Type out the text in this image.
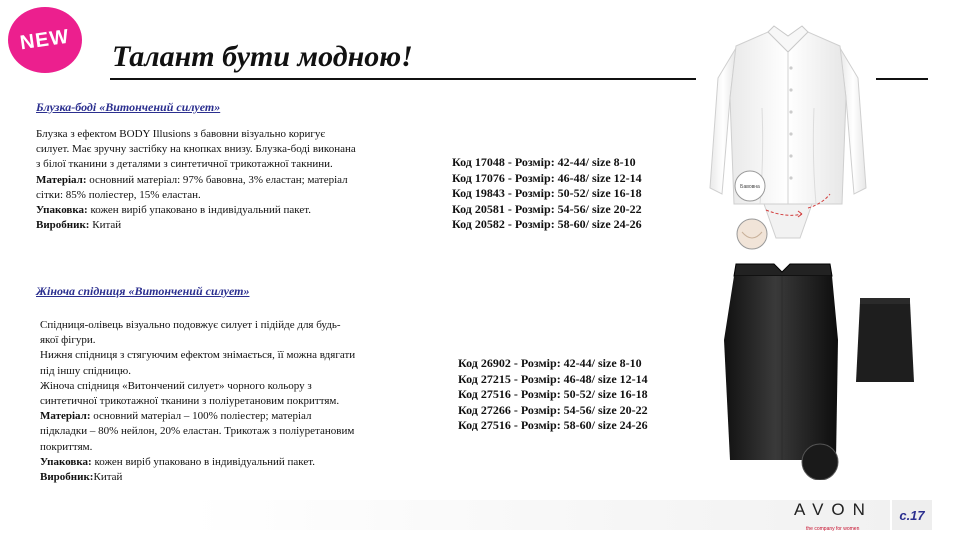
NEW
Талант бути модною!
Блузка-боді «Витончений силует»

Блузка з ефектом BODY Illusions з бавовни візуально коригує

силует. Має зручну застібку на кнопках внизу. Блузка-боді виконана

з білої тканини з деталями з синтетичної трикотажної такнини.

Матеріал: основний матеріал: 97% бавовна, 3% еластан; матеріал

сітки: 85% поліестер, 15% еластан.

Упаковка: кожен виріб упаковано в індивідуальний пакет.

Виробник: Китай

Код 17048 - Розмір: 42-44/ size 8-10
Код 17076 - Розмір: 46-48/ size 12-14
Код 19843 - Розмір: 50-52/ size 16-18
Код 20581 - Розмір: 54-56/ size 20-22
Код 20582 - Розмір: 58-60/ size 24-26
Бавовна
Жіноча спідниця «Витончений силует»

Спідниця-олівець візуально подовжує силует і підійде для будь-

якої фігури.

Нижня спідниця з стягуючим ефектом знімається, її можна вдягати

під іншу спідницю.

Жіноча спідниця «Витончений силует» чорного кольору з

синтетичної трикотажної тканини з поліуретановим покриттям.

Матеріал: основний матеріал – 100% поліестер; матеріал

підкладки – 80% нейлон, 20% еластан. Трикотаж з поліуретановим

покриттям.

Упаковка: кожен виріб упаковано в індивідуальний пакет.

Виробник:Китай

Код 26902 - Розмір: 42-44/ size 8-10
Код 27215 - Розмір: 46-48/ size 12-14
Код 27516 - Розмір: 50-52/ size 16-18
Код 27266 - Розмір: 54-56/ size 20-22
Код 27516 - Розмір: 58-60/ size 24-26
AVON
the company for women
c.17
